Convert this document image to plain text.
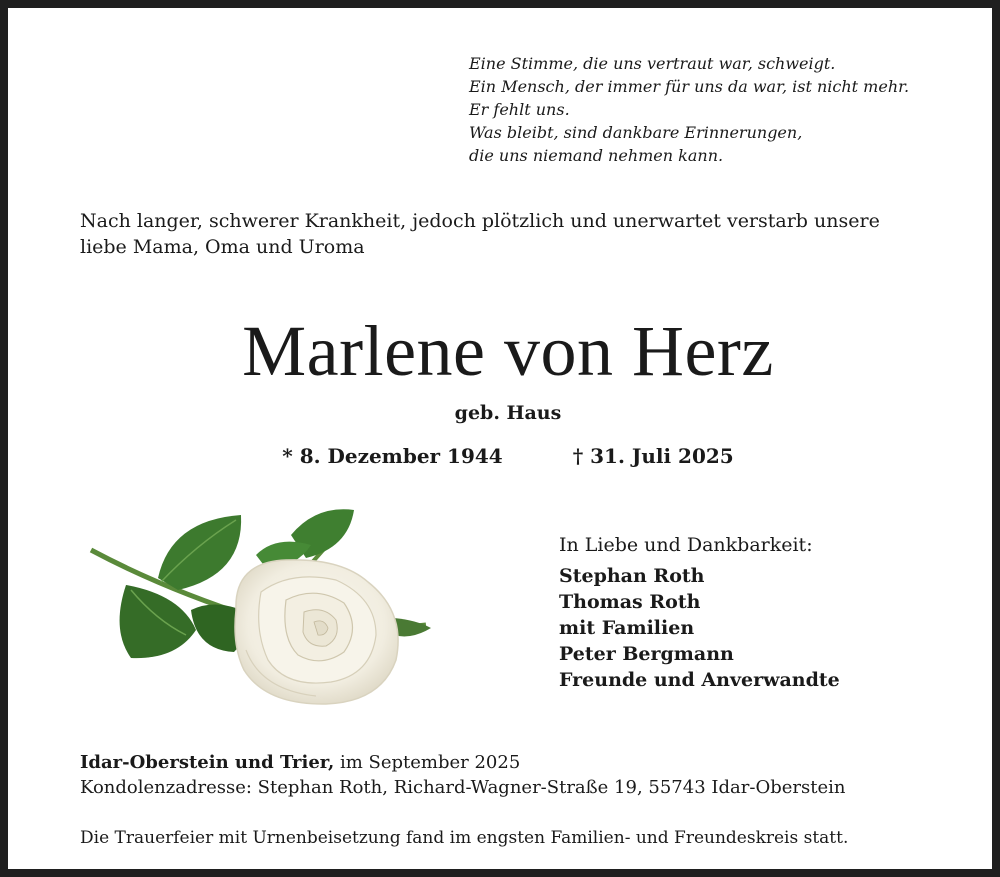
Eine Stimme, die uns vertraut war, schweigt.
Ein Mensch, der immer für uns da war, ist nicht mehr.
Er fehlt uns.
Was bleibt, sind dankbare Erinnerungen,
die uns niemand nehmen kann.
Nach langer, schwerer Krankheit, jedoch plötzlich und unerwartet verstarb unsere
liebe Mama, Oma und Uroma
Marlene von Herz
geb. Haus
* 8. Dezember 1944	† 31. Juli 2025
In Liebe und Dankbarkeit:
Stephan Roth
Thomas Roth
mit Familien
Peter Bergmann
Freunde und Anverwandte
Idar-Oberstein und Trier, im September 2025
Kondolenzadresse: Stephan Roth, Richard-Wagner-Straße 19, 55743 Idar-Oberstein
Die Trauerfeier mit Urnenbeisetzung fand im engsten Familien- und Freundeskreis statt.
